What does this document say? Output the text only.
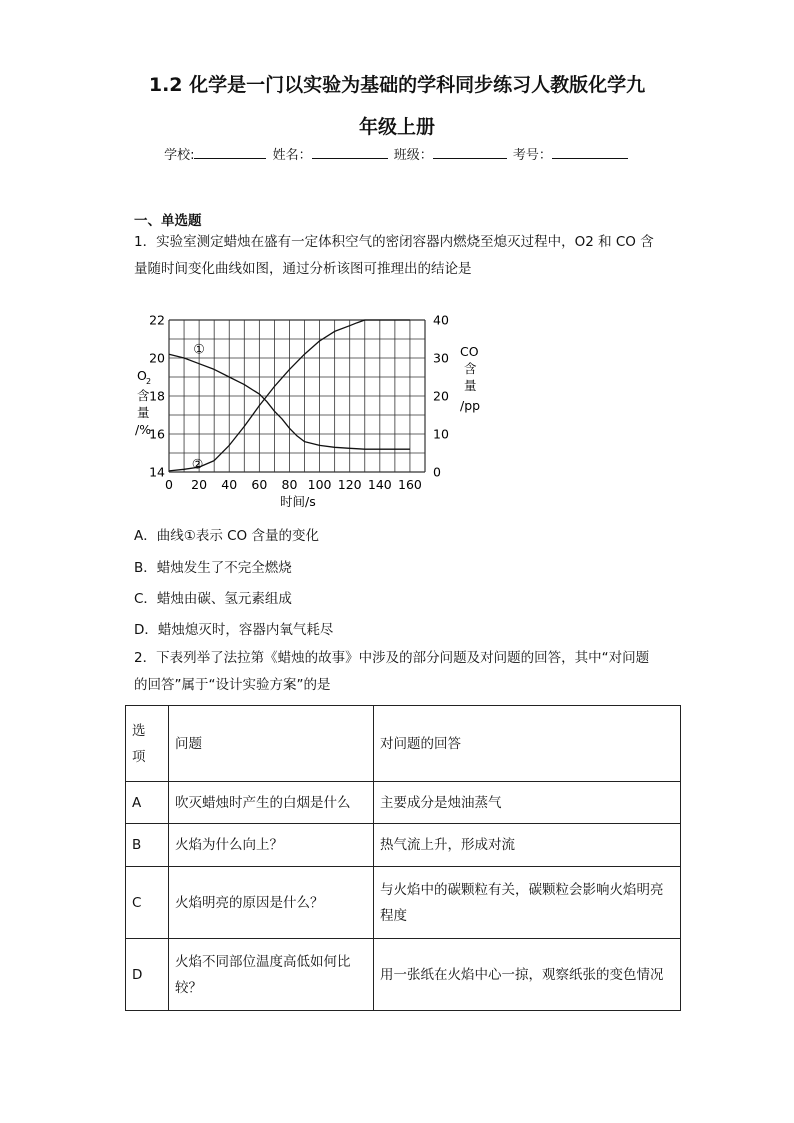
1.2 化学是一门以实验为基础的学科同步练习人教版化学九
年级上册
学校:	姓名：	班级：	考号：
一、单选题
1．实验室测定蜡烛在盛有一定体积空气的密闭容器内燃烧至熄灭过程中，O2 和 CO 含
量随时间变化曲线如图，通过分析该图可推理出的结论是
0 20 40 60 80 100 120 140 160
14
16
18
20
22
0
10
20
30
40
①
②
O 2
含
量
/%
CO
含
量
/pp
时间/s
A．曲线①表示 CO 含量的变化
B．蜡烛发生了不完全燃烧
C．蜡烛由碳、氢元素组成
D．蜡烛熄灭时，容器内氧气耗尽
2．下表列举了法拉第《蜡烛的故事》中涉及的部分问题及对问题的回答，其中“对问题
的回答”属于“设计实验方案”的是
选项	问题	对问题的回答
A	吹灭蜡烛时产生的白烟是什么	主要成分是烛油蒸气
B	火焰为什么向上？	热气流上升，形成对流
C	火焰明亮的原因是什么？	与火焰中的碳颗粒有关，碳颗粒会影响火焰明亮程度
D	火焰不同部位温度高低如何比较？	用一张纸在火焰中心一掠，观察纸张的变色情况
